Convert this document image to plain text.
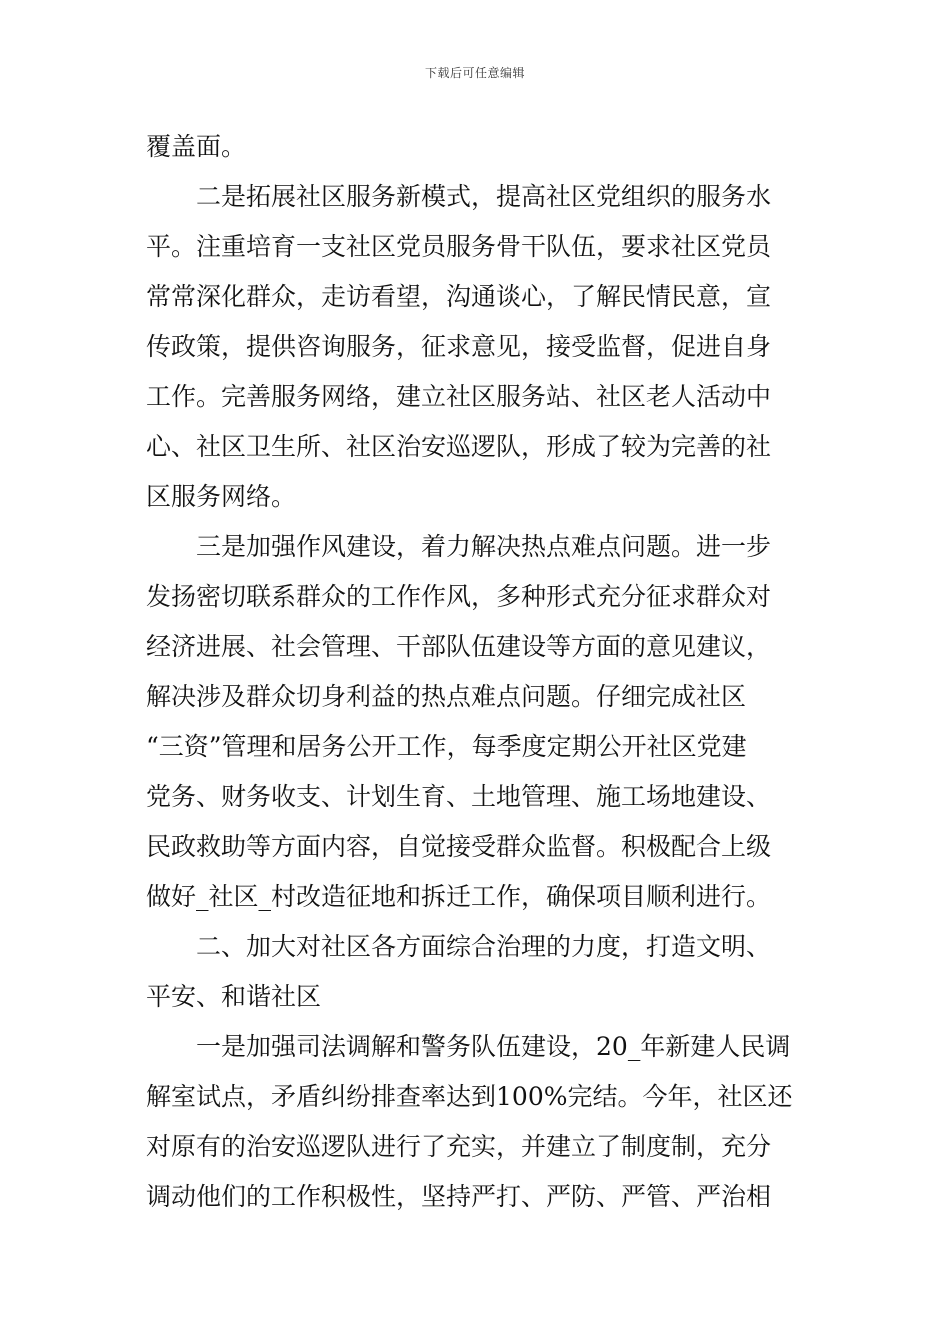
下载后可任意编辑
覆盖面。
二是拓展社区服务新模式，提高社区党组织的服务水
平。注重培育一支社区党员服务骨干队伍，要求社区党员
常常深化群众，走访看望，沟通谈心，了解民情民意，宣
传政策，提供咨询服务，征求意见，接受监督，促进自身
工作。完善服务网络，建立社区服务站、社区老人活动中
心、社区卫生所、社区治安巡逻队，形成了较为完善的社
区服务网络。
三是加强作风建设，着力解决热点难点问题。进一步
发扬密切联系群众的工作作风，多种形式充分征求群众对
经济进展、社会管理、干部队伍建设等方面的意见建议，
解决涉及群众切身利益的热点难点问题。仔细完成社区
“三资”管理和居务公开工作，每季度定期公开社区党建
党务、财务收支、计划生育、土地管理、施工场地建设、
民政救助等方面内容，自觉接受群众监督。积极配合上级
做好_社区_村改造征地和拆迁工作，确保项目顺利进行。
二、加大对社区各方面综合治理的力度，打造文明、
平安、和谐社区
一是加强司法调解和警务队伍建设，20_年新建人民调
解室试点，矛盾纠纷排查率达到100%完结。今年，社区还
对原有的治安巡逻队进行了充实，并建立了制度制，充分
调动他们的工作积极性，坚持严打、严防、严管、严治相
